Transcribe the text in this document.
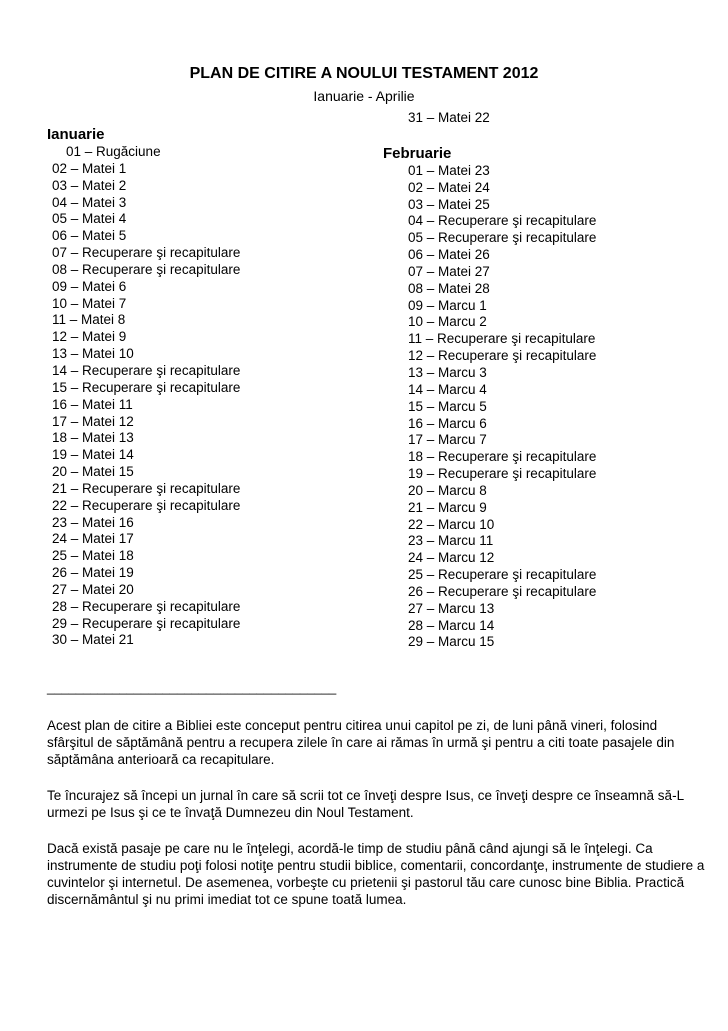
PLAN DE CITIRE A NOULUI TESTAMENT 2012
Ianuarie - Aprilie
Ianuarie
01 – Rugăciune
02 – Matei 1
03 – Matei 2
04 – Matei 3
05 – Matei 4
06 – Matei 5
07 – Recuperare şi recapitulare
08 – Recuperare şi recapitulare
09 – Matei 6
10 – Matei 7
11 – Matei 8
12 – Matei 9
13 – Matei 10
14 – Recuperare şi recapitulare
15 – Recuperare şi recapitulare
16 – Matei 11
17 – Matei 12
18 – Matei 13
19 – Matei 14
20 – Matei 15
21 – Recuperare şi recapitulare
22 – Recuperare şi recapitulare
23 – Matei 16
24 – Matei 17
25 – Matei 18
26 – Matei 19
27 – Matei 20
28 – Recuperare şi recapitulare
29 – Recuperare şi recapitulare
30 – Matei 21
31 – Matei 22
Februarie
01 – Matei 23
02 – Matei 24
03 – Matei 25
04 – Recuperare şi recapitulare
05 – Recuperare şi recapitulare
06 – Matei 26
07 – Matei 27
08 – Matei 28
09 – Marcu 1
10 – Marcu 2
11 – Recuperare şi recapitulare
12 – Recuperare şi recapitulare
13 – Marcu 3
14 – Marcu 4
15 – Marcu 5
16 – Marcu 6
17 – Marcu 7
18 – Recuperare şi recapitulare
19 – Recuperare şi recapitulare
20 – Marcu 8
21 – Marcu 9
22 – Marcu 10
23 – Marcu 11
24 – Marcu 12
25 – Recuperare şi recapitulare
26 – Recuperare şi recapitulare
27 – Marcu 13
28 – Marcu 14
29 – Marcu 15
________________________________________
Acest plan de citire a Bibliei este conceput pentru citirea unui capitol pe zi, de luni până vineri, folosind sfârşitul de săptămână pentru a recupera zilele în care ai rămas în urmă şi pentru a citi toate pasajele din săptămâna anterioară ca recapitulare.
Te încurajez să începi un jurnal în care să scrii tot ce înveţi despre Isus, ce înveţi despre ce înseamnă să-L urmezi pe Isus şi ce te învaţă Dumnezeu din Noul Testament.
Dacă există pasaje pe care nu le înţelegi, acordă-le timp de studiu până când ajungi să le înţelegi. Ca instrumente de studiu poţi folosi notiţe pentru studii biblice, comentarii, concordanţe, instrumente de studiere a cuvintelor şi internetul. De asemenea, vorbeşte cu prietenii şi pastorul tău care cunosc bine Biblia. Practică discernământul şi nu primi imediat tot ce spune toată lumea.
